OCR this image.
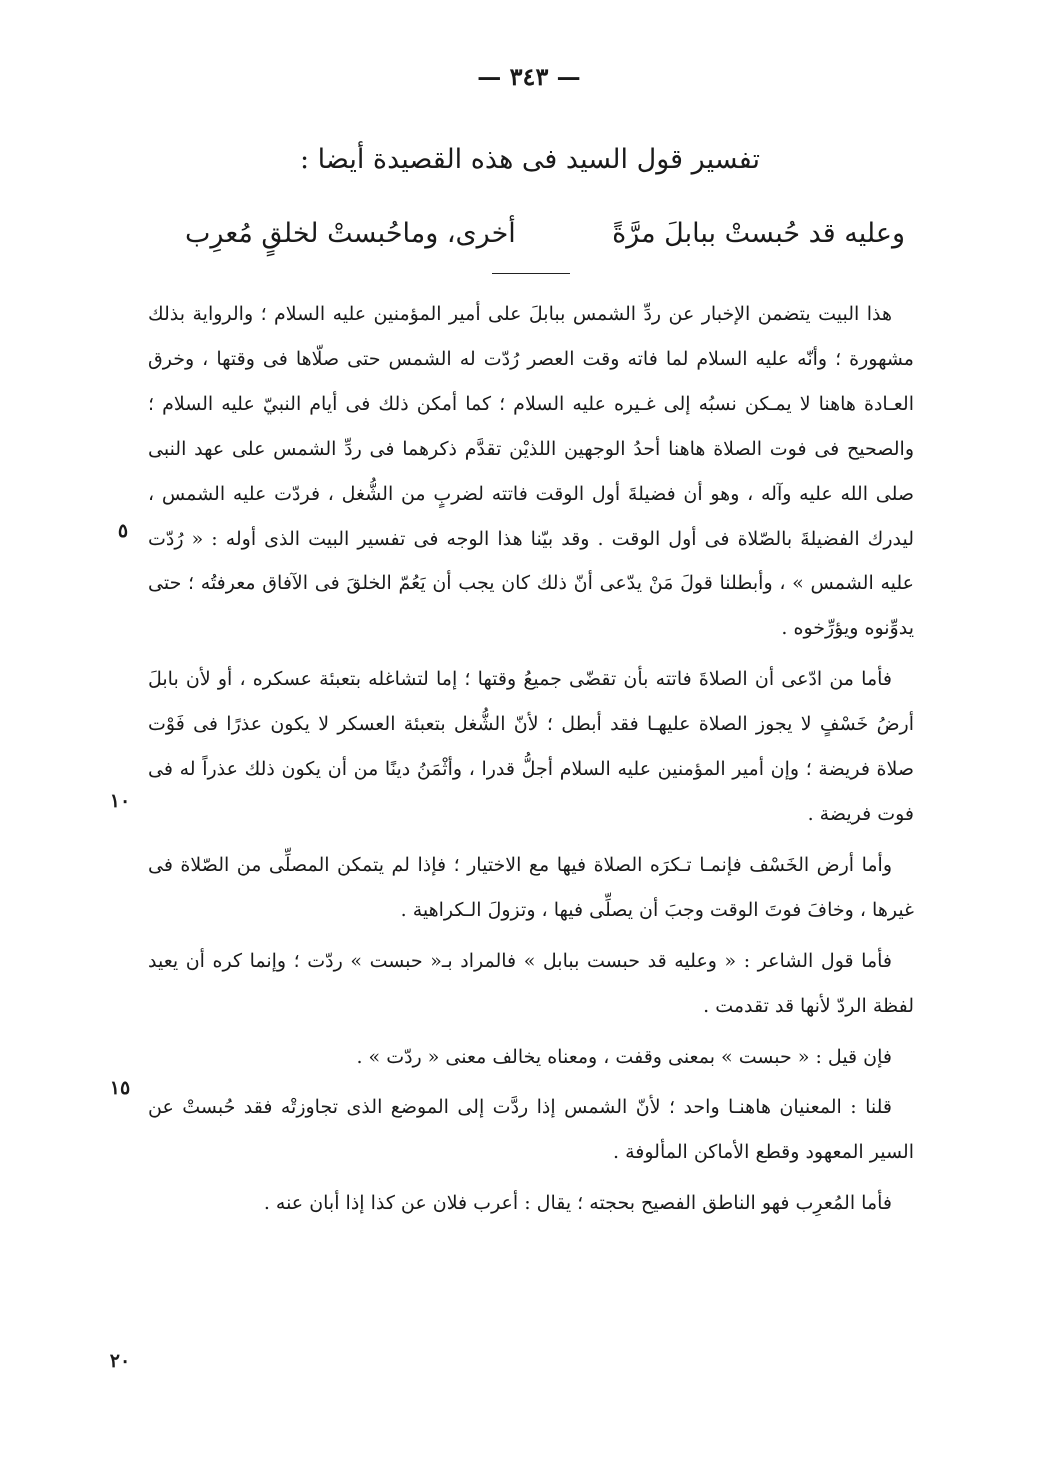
— ٣٤٣ —
تفسير قول السيد فى هذه القصيدة أيضا :
وعليه قد حُبستْ ببابلَ مرَّةً
أخرى، وماحُبستْ لخلقٍ مُعرِب

هذا البيت يتضمن الإخبار عن ردِّ الشمس ببابلَ على أمير المؤمنين عليه السلام ؛ والرواية بذلك مشهورة ؛ وأنّه عليه السلام لما فاته وقت العصر رُدّت له الشمس حتى صلّاها فى وقتها ، وخرق العـادة هاهنا لا يمـكن نسبُه إلى غـيره عليه السلام ؛ كما أمكن ذلك فى أيام النبيّ عليه السلام ؛ والصحيح فى فوت الصلاة هاهنا أحدُ الوجهين اللذيْن تقدَّم ذكرهما فى ردِّ الشمس على عهد النبى صلى الله عليه وآله ، وهو أن فضيلةَ أول الوقت فاتته لضربٍ من الشُّغل ، فردّت عليه الشمس ، ليدرك الفضيلةَ بالصّلاة فى أول الوقت . وقد بيّنا هذا الوجه فى تفسير البيت الذى أوله : « رُدّت عليه الشمس » ، وأبطلنا قولَ مَنْ يدّعى أنّ ذلك كان يجب أن يَعُمّ الخلقَ فى الآفاق معرفتُه ؛ حتى يدوِّنوه ويؤرِّخوه .

فأما من ادّعى أن الصلاةَ فاتته بأن تقضّى جميعُ وقتها ؛ إما لتشاغله بتعبئة عسكره ، أو لأن بابلَ أرضُ خَسْفٍ لا يجوز الصلاة عليهـا فقد أبطل ؛ لأنّ الشُّغل بتعبئة العسكر لا يكون عذرًا فى فَوْت صلاة فريضة ؛ وإن أمير المؤمنين عليه السلام أجلُّ قدرا ، وأثْمَنُ دينًا من أن يكون ذلك عذراً له فى فوت فريضة .

وأما أرض الخَسْف فإنمـا تـكرَه الصلاة فيها مع الاختيار ؛ فإذا لم يتمكن المصلِّى من الصّلاة فى غيرها ، وخافَ فوتَ الوقت وجبَ أن يصلِّى فيها ، وتزولَ الـكراهية .

فأما قول الشاعر : « وعليه قد حبست ببابل » فالمراد بـ« حبست » ردّت ؛ وإنما كره أن يعيد لفظة الردّ لأنها قد تقدمت .

فإن قيل : « حبست » بمعنى وقفت ، ومعناه يخالف معنى « ردّت » .

قلنا : المعنيان هاهنـا واحد ؛ لأنّ الشمس إذا ردَّت إلى الموضع الذى تجاوزتْه فقد حُبستْ عن السير المعهود وقطع الأماكن المألوفة .

فأما المُعرِب فهو الناطق الفصيح بحجته ؛ يقال : أعرب فلان عن كذا إذا أبان عنه .

٥
١٠
١٥
٢٠
